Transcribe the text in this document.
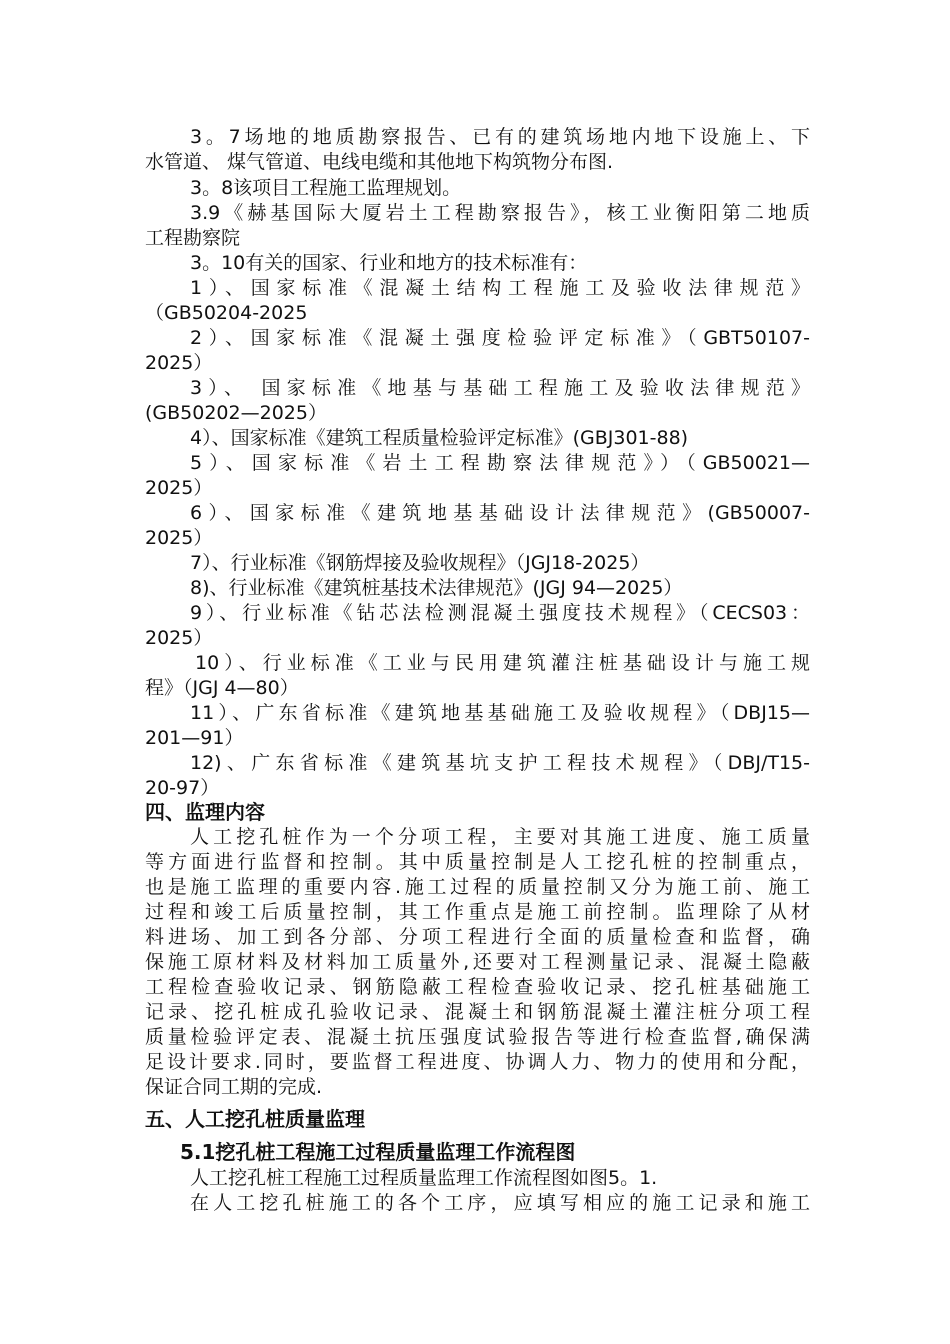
3。7场地的地质勘察报告、已有的建筑场地内地下设施上、下
水管道、 煤气管道、电线电缆和其他地下构筑物分布图.
3。8该项目工程施工监理规划。
3.9《赫基国际大厦岩土工程勘察报告》，核工业衡阳第二地质
工程勘察院
3。10有关的国家、行业和地方的技术标准有：
1）、国家标准《混凝土结构工程施工及验收法律规范》
（GB50204-2025
2）、国家标准《混凝土强度检验评定标准》（GBT50107-
2025）
3）、 国家标准《地基与基础工程施工及验收法律规范》
(GB50202—2025）
4）、国家标准《建筑工程质量检验评定标准》(GBJ301-88)
5）、国家标准《岩土工程勘察法律规范》）（GB50021—
2025）
6）、国家标准《建筑地基基础设计法律规范》(GB50007-
2025）
7）、行业标准《钢筋焊接及验收规程》（JGJ18-2025）
8)、行业标准《建筑桩基技术法律规范》(JGJ 94—2025）
9）、行业标准《钻芯法检测混凝土强度技术规程》（CECS03：
2025）
10）、行业标准《工业与民用建筑灌注桩基础设计与施工规
程》（JGJ 4—80）
11）、广东省标准《建筑地基基础施工及验收规程》（DBJ15—
201—91）
12)、广东省标准《建筑基坑支护工程技术规程》（DBJ/T15-
20-97）
四、监理内容
人工挖孔桩作为一个分项工程，主要对其施工进度、施工质量
等方面进行监督和控制。其中质量控制是人工挖孔桩的控制重点，
也是施工监理的重要内容.施工过程的质量控制又分为施工前、施工
过程和竣工后质量控制，其工作重点是施工前控制。监理除了从材
料进场、加工到各分部、分项工程进行全面的质量检查和监督，确
保施工原材料及材料加工质量外,还要对工程测量记录、混凝土隐蔽
工程检查验收记录、钢筋隐蔽工程检查验收记录、挖孔桩基础施工
记录、挖孔桩成孔验收记录、混凝土和钢筋混凝土灌注桩分项工程
质量检验评定表、混凝土抗压强度试验报告等进行检查监督,确保满
足设计要求.同时，要监督工程进度、协调人力、物力的使用和分配，
保证合同工期的完成.
五、人工挖孔桩质量监理
5.1挖孔桩工程施工过程质量监理工作流程图
人工挖孔桩工程施工过程质量监理工作流程图如图5。1.
在人工挖孔桩施工的各个工序，应填写相应的施工记录和施工
